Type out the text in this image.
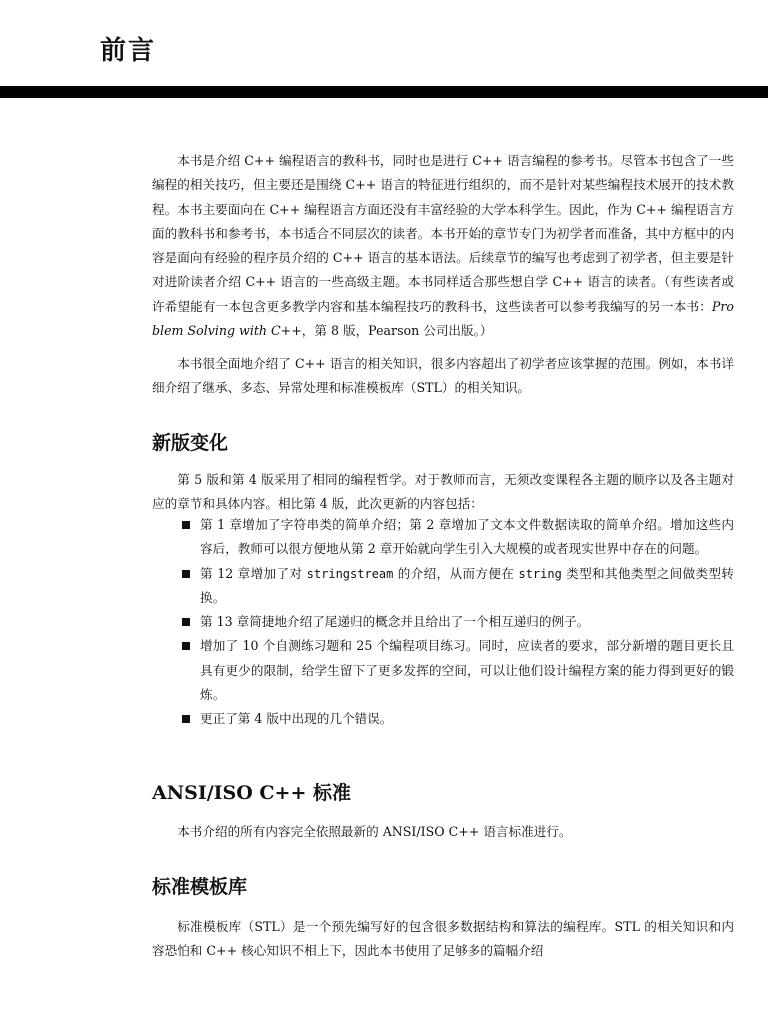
前言

本书是介绍 C++ 编程语言的教科书，同时也是进行 C++ 语言编程的参考书。尽管本书包含了一些编程的相关技巧，但主要还是围绕 C++ 语言的特征进行组织的，而不是针对某些编程技术展开的技术教程。本书主要面向在 C++ 编程语言方面还没有丰富经验的大学本科学生。因此，作为 C++ 编程语言方面的教科书和参考书，本书适合不同层次的读者。本书开始的章节专门为初学者而准备，其中方框中的内容是面向有经验的程序员介绍的 C++ 语言的基本语法。后续章节的编写也考虑到了初学者，但主要是针对进阶读者介绍 C++ 语言的一些高级主题。本书同样适合那些想自学 C++ 语言的读者。（有些读者或许希望能有一本包含更多教学内容和基本编程技巧的教科书，这些读者可以参考我编写的另一本书：Problem Solving with C++，第 8 版，Pearson 公司出版。）

本书很全面地介绍了 C++ 语言的相关知识，很多内容超出了初学者应该掌握的范围。例如，本书详细介绍了继承、多态、异常处理和标准模板库（STL）的相关知识。

新版变化

第 5 版和第 4 版采用了相同的编程哲学。对于教师而言，无须改变课程各主题的顺序以及各主题对应的章节和具体内容。相比第 4 版，此次更新的内容包括：

第 1 章增加了字符串类的简单介绍；第 2 章增加了文本文件数据读取的简单介绍。增加这些内容后，教师可以很方便地从第 2 章开始就向学生引入大规模的或者现实世界中存在的问题。
第 12 章增加了对 stringstream 的介绍，从而方便在 string 类型和其他类型之间做类型转换。
第 13 章简捷地介绍了尾递归的概念并且给出了一个相互递归的例子。
增加了 10 个自测练习题和 25 个编程项目练习。同时，应读者的要求，部分新增的题目更长且具有更少的限制，给学生留下了更多发挥的空间，可以让他们设计编程方案的能力得到更好的锻炼。
更正了第 4 版中出现的几个错误。
ANSI/ISO C++ 标准

本书介绍的所有内容完全依照最新的 ANSI/ISO C++ 语言标准进行。

标准模板库

标准模板库（STL）是一个预先编写好的包含很多数据结构和算法的编程库。STL 的相关知识和内容恐怕和 C++ 核心知识不相上下，因此本书使用了足够多的篇幅介绍
